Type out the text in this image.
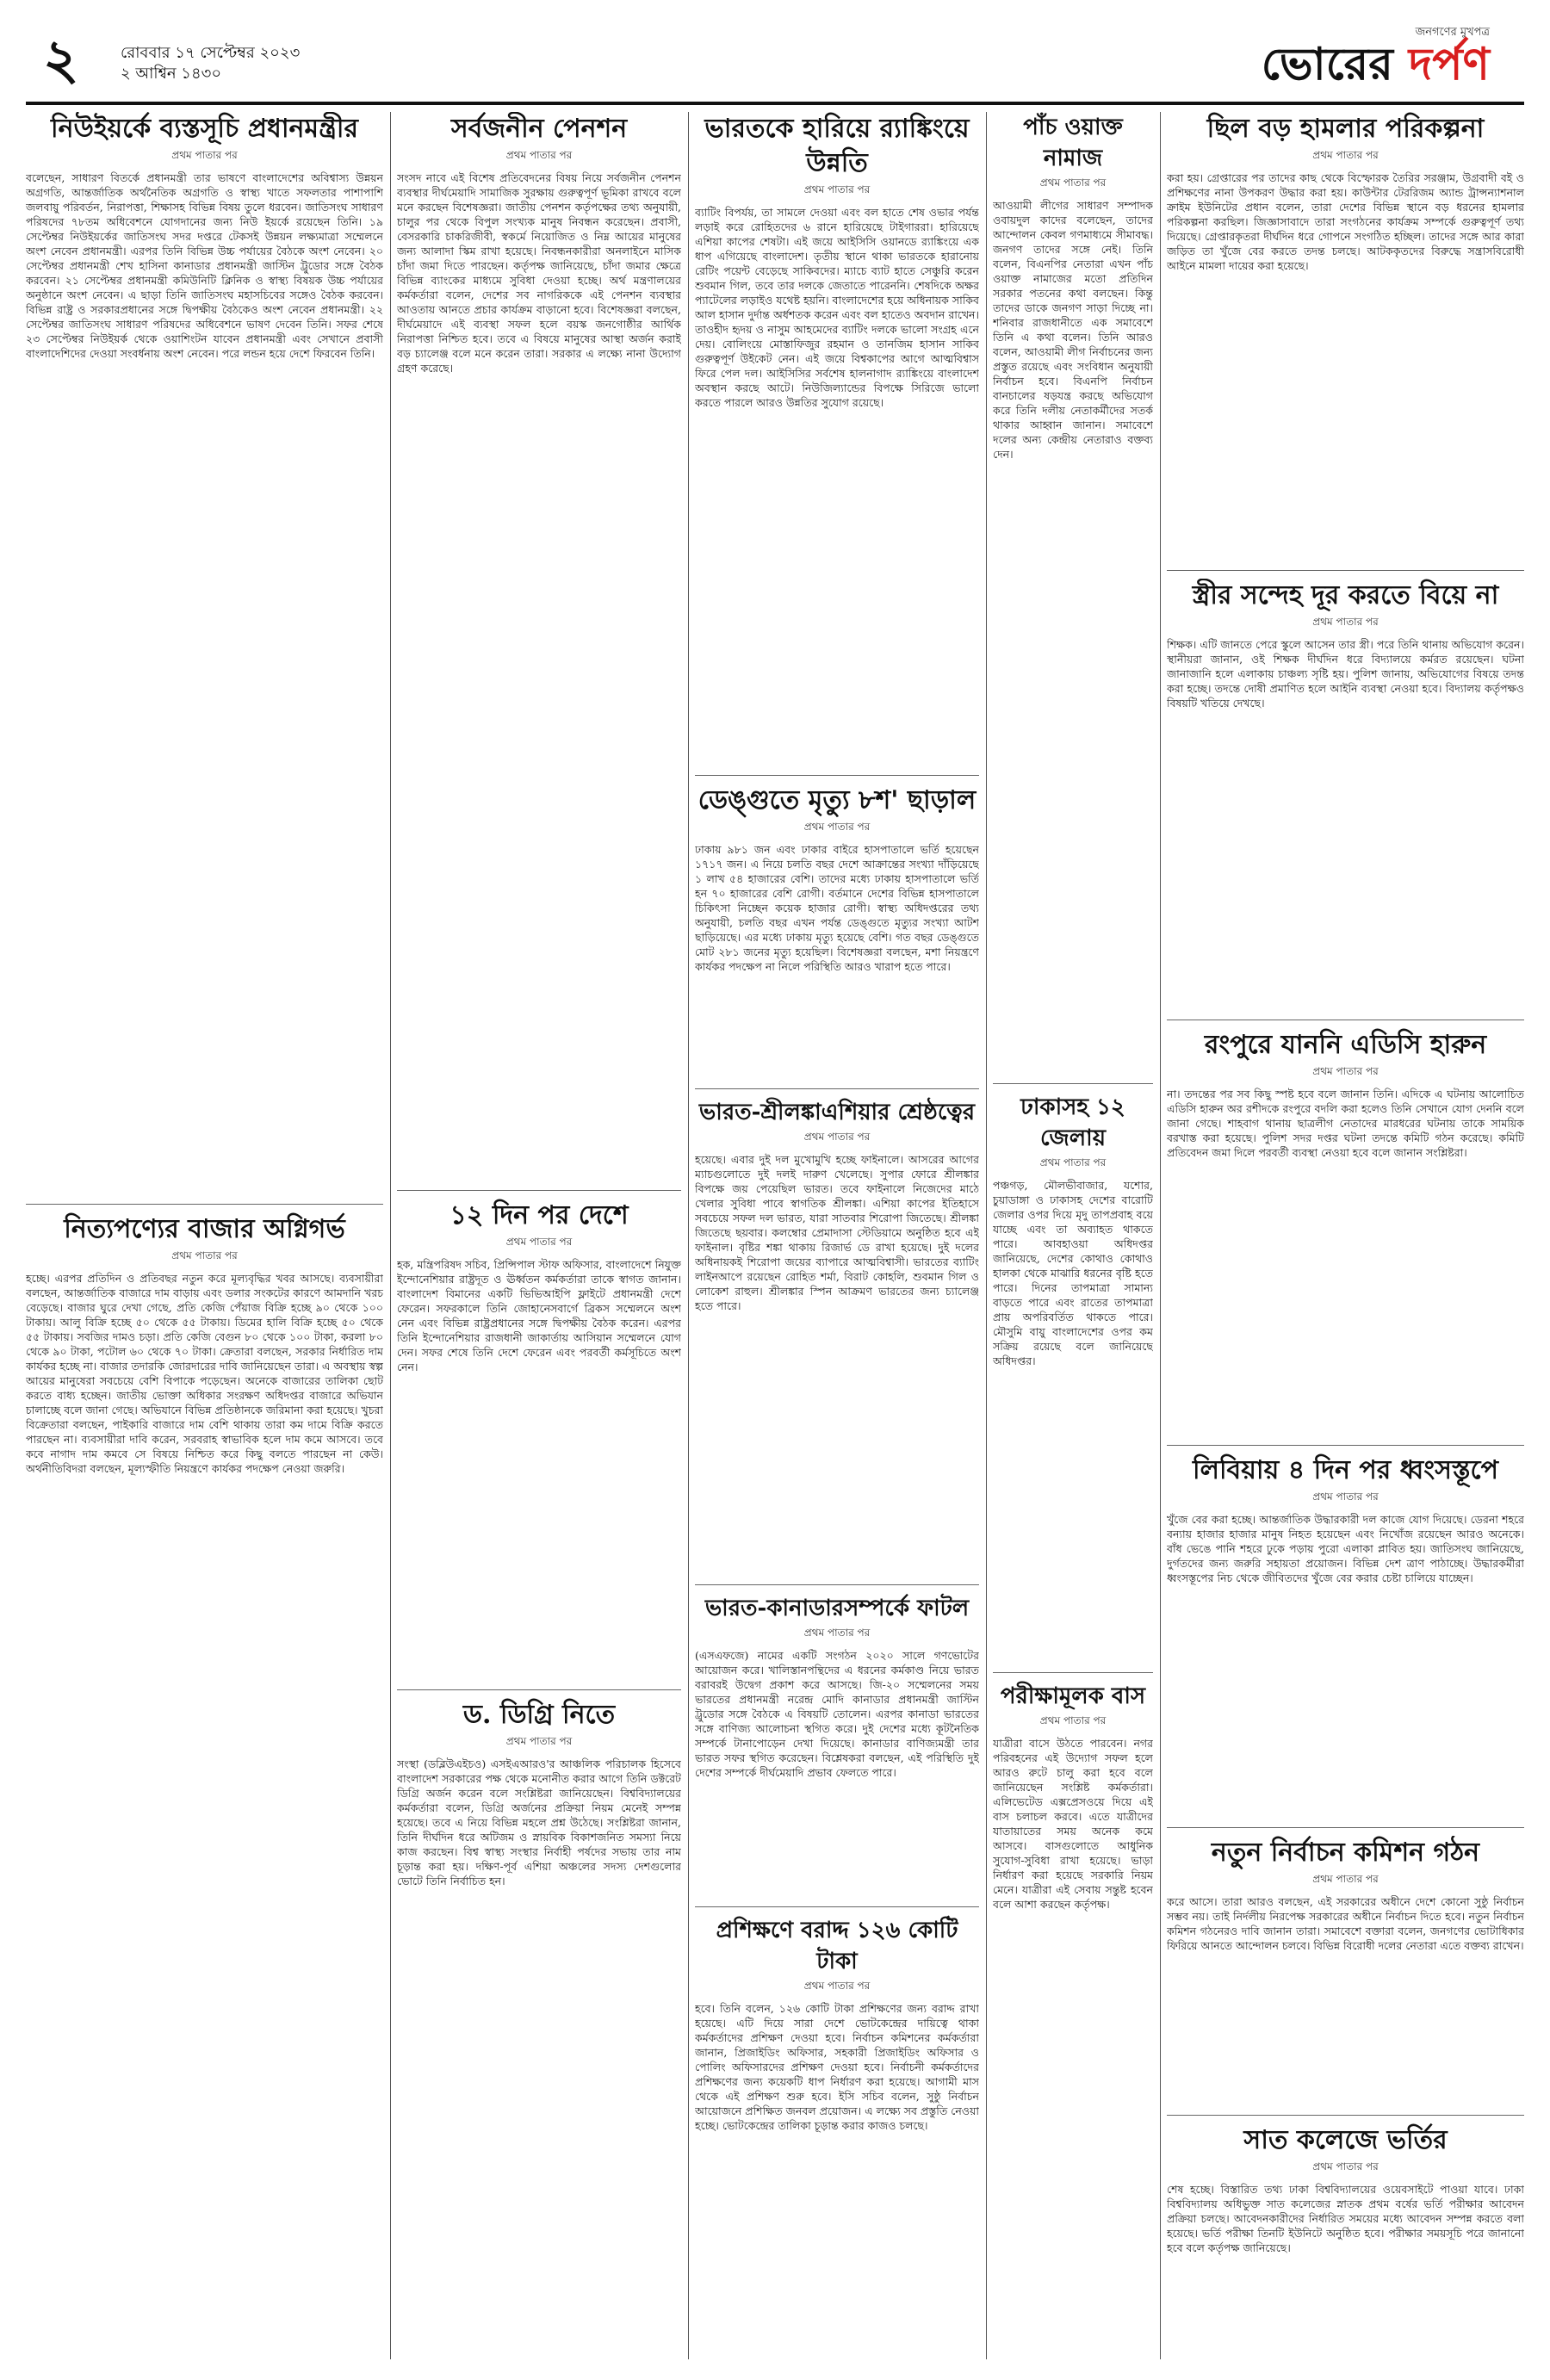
২	রোববার ১৭ সেপ্টেম্বর ২০২৩
২ আশ্বিন ১৪৩০
জনগণের মুখপত্র
ভোরের দর্পণ
নিউইয়র্কে ব্যস্তসূচি প্রধানমন্ত্রীর
প্রথম পাতার পর
বলেছেন, সাধারণ বিতর্কে প্রধানমন্ত্রী তার ভাষণে বাংলাদেশের অবিশ্বাস্য উন্নয়ন অগ্রগতি, আন্তর্জাতিক অর্থনৈতিক অগ্রগতি ও স্বাস্থ্য খাতে সফলতার পাশাপাশি জলবায়ু পরিবর্তন, নিরাপত্তা, শিক্ষাসহ বিভিন্ন বিষয় তুলে ধরবেন। জাতিসংঘ সাধারণ পরিষদের ৭৮তম অধিবেশনে যোগদানের জন্য নিউ ইয়র্কে রয়েছেন তিনি। ১৯ সেপ্টেম্বর নিউইয়র্কের জাতিসংঘ সদর দপ্তরে টেকসই উন্নয়ন লক্ষ্যমাত্রা সম্মেলনে অংশ নেবেন প্রধানমন্ত্রী। এরপর তিনি বিভিন্ন উচ্চ পর্যায়ের বৈঠকে অংশ নেবেন। ২০ সেপ্টেম্বর প্রধানমন্ত্রী শেখ হাসিনা কানাডার প্রধানমন্ত্রী জাস্টিন ট্রুডোর সঙ্গে বৈঠক করবেন। ২১ সেপ্টেম্বর প্রধানমন্ত্রী কমিউনিটি ক্লিনিক ও স্বাস্থ্য বিষয়ক উচ্চ পর্যায়ের অনুষ্ঠানে অংশ নেবেন। এ ছাড়া তিনি জাতিসংঘ মহাসচিবের সঙ্গেও বৈঠক করবেন। বিভিন্ন রাষ্ট্র ও সরকারপ্রধানের সঙ্গে দ্বিপক্ষীয় বৈঠকেও অংশ নেবেন প্রধানমন্ত্রী। ২২ সেপ্টেম্বর জাতিসংঘ সাধারণ পরিষদের অধিবেশনে ভাষণ দেবেন তিনি। সফর শেষে ২৩ সেপ্টেম্বর নিউইয়র্ক থেকে ওয়াশিংটন যাবেন প্রধানমন্ত্রী এবং সেখানে প্রবাসী বাংলাদেশিদের দেওয়া সংবর্ধনায় অংশ নেবেন। পরে লন্ডন হয়ে দেশে ফিরবেন তিনি।
নিত্যপণ্যের বাজার অগ্নিগর্ভ
প্রথম পাতার পর
হচ্ছে। এরপর প্রতিদিন ও প্রতিবছর নতুন করে মূল্যবৃদ্ধির খবর আসছে। ব্যবসায়ীরা বলছেন, আন্তর্জাতিক বাজারে দাম বাড়ায় এবং ডলার সংকটের কারণে আমদানি খরচ বেড়েছে। বাজার ঘুরে দেখা গেছে, প্রতি কেজি পেঁয়াজ বিক্রি হচ্ছে ৯০ থেকে ১০০ টাকায়। আলু বিক্রি হচ্ছে ৫০ থেকে ৫৫ টাকায়। ডিমের হালি বিক্রি হচ্ছে ৫০ থেকে ৫৫ টাকায়। সবজির দামও চড়া। প্রতি কেজি বেগুন ৮০ থেকে ১০০ টাকা, করলা ৮০ থেকে ৯০ টাকা, পটোল ৬০ থেকে ৭০ টাকা। ক্রেতারা বলছেন, সরকার নির্ধারিত দাম কার্যকর হচ্ছে না। বাজার তদারকি জোরদারের দাবি জানিয়েছেন তারা। এ অবস্থায় স্বল্প আয়ের মানুষেরা সবচেয়ে বেশি বিপাকে পড়েছেন। অনেকে বাজারের তালিকা ছোট করতে বাধ্য হচ্ছেন। জাতীয় ভোক্তা অধিকার সংরক্ষণ অধিদপ্তর বাজারে অভিযান চালাচ্ছে বলে জানা গেছে। অভিযানে বিভিন্ন প্রতিষ্ঠানকে জরিমানা করা হয়েছে। খুচরা বিক্রেতারা বলছেন, পাইকারি বাজারে দাম বেশি থাকায় তারা কম দামে বিক্রি করতে পারছেন না। ব্যবসায়ীরা দাবি করেন, সরবরাহ স্বাভাবিক হলে দাম কমে আসবে। তবে কবে নাগাদ দাম কমবে সে বিষয়ে নিশ্চিত করে কিছু বলতে পারছেন না কেউ। অর্থনীতিবিদরা বলছেন, মূল্যস্ফীতি নিয়ন্ত্রণে কার্যকর পদক্ষেপ নেওয়া জরুরি।
সর্বজনীন পেনশন
প্রথম পাতার পর
সংসদ নাবে এই বিশেষ প্রতিবেদনের বিষয় নিয়ে সর্বজনীন পেনশন ব্যবস্থার দীর্ঘমেয়াদি সামাজিক সুরক্ষায় গুরুত্বপূর্ণ ভূমিকা রাখবে বলে মনে করছেন বিশেষজ্ঞরা। জাতীয় পেনশন কর্তৃপক্ষের তথ্য অনুযায়ী, চালুর পর থেকে বিপুল সংখ্যক মানুষ নিবন্ধন করেছেন। প্রবাসী, বেসরকারি চাকরিজীবী, স্বকর্মে নিয়োজিত ও নিম্ন আয়ের মানুষের জন্য আলাদা স্কিম রাখা হয়েছে। নিবন্ধনকারীরা অনলাইনে মাসিক চাঁদা জমা দিতে পারছেন। কর্তৃপক্ষ জানিয়েছে, চাঁদা জমার ক্ষেত্রে বিভিন্ন ব্যাংকের মাধ্যমে সুবিধা দেওয়া হচ্ছে। অর্থ মন্ত্রণালয়ের কর্মকর্তারা বলেন, দেশের সব নাগরিককে এই পেনশন ব্যবস্থার আওতায় আনতে প্রচার কার্যক্রম বাড়ানো হবে। বিশেষজ্ঞরা বলছেন, দীর্ঘমেয়াদে এই ব্যবস্থা সফল হলে বয়স্ক জনগোষ্ঠীর আর্থিক নিরাপত্তা নিশ্চিত হবে। তবে এ বিষয়ে মানুষের আস্থা অর্জন করাই বড় চ্যালেঞ্জ বলে মনে করেন তারা। সরকার এ লক্ষ্যে নানা উদ্যোগ গ্রহণ করেছে।
১২ দিন পর দেশে
প্রথম পাতার পর
হক, মন্ত্রিপরিষদ সচিব, প্রিন্সিপাল স্টাফ অফিসার, বাংলাদেশে নিযুক্ত ইন্দোনেশিয়ার রাষ্ট্রদূত ও ঊর্ধ্বতন কর্মকর্তারা তাকে স্বাগত জানান। বাংলাদেশ বিমানের একটি ভিভিআইপি ফ্লাইটে প্রধানমন্ত্রী দেশে ফেরেন। সফরকালে তিনি জোহানেসবার্গে ব্রিকস সম্মেলনে অংশ নেন এবং বিভিন্ন রাষ্ট্রপ্রধানের সঙ্গে দ্বিপক্ষীয় বৈঠক করেন। এরপর তিনি ইন্দোনেশিয়ার রাজধানী জাকার্তায় আসিয়ান সম্মেলনে যোগ দেন। সফর শেষে তিনি দেশে ফেরেন এবং পরবর্তী কর্মসূচিতে অংশ নেন।
ড. ডিগ্রি নিতে
প্রথম পাতার পর
সংস্থা (ডব্লিউএইচও) এসইএআরও'র আঞ্চলিক পরিচালক হিসেবে বাংলাদেশ সরকারের পক্ষ থেকে মনোনীত করার আগে তিনি ডক্টরেট ডিগ্রি অর্জন করেন বলে সংশ্লিষ্টরা জানিয়েছেন। বিশ্ববিদ্যালয়ের কর্মকর্তারা বলেন, ডিগ্রি অর্জনের প্রক্রিয়া নিয়ম মেনেই সম্পন্ন হয়েছে। তবে এ নিয়ে বিভিন্ন মহলে প্রশ্ন উঠেছে। সংশ্লিষ্টরা জানান, তিনি দীর্ঘদিন ধরে অটিজম ও স্নায়বিক বিকাশজনিত সমস্যা নিয়ে কাজ করছেন। বিশ্ব স্বাস্থ্য সংস্থার নির্বাহী পর্ষদের সভায় তার নাম চূড়ান্ত করা হয়। দক্ষিণ-পূর্ব এশিয়া অঞ্চলের সদস্য দেশগুলোর ভোটে তিনি নির্বাচিত হন।
ভারতকে হারিয়ে র‌্যাঙ্কিংয়ে উন্নতি
প্রথম পাতার পর
ব্যাটিং বিপর্যয়, তা সামলে দেওয়া এবং বল হাতে শেষ ওভার পর্যন্ত লড়াই করে রোহিতদের ৬ রানে হারিয়েছে টাইগাররা। হারিয়েছে এশিয়া কাপের শেষটা। এই জয়ে আইসিসি ওয়ানডে র‌্যাঙ্কিংয়ে এক ধাপ এগিয়েছে বাংলাদেশ। তৃতীয় স্থানে থাকা ভারতকে হারানোয় রেটিং পয়েন্ট বেড়েছে সাকিবদের। ম্যাচে ব্যাট হাতে সেঞ্চুরি করেন শুবমান গিল, তবে তার দলকে জেতাতে পারেননি। শেষদিকে অক্ষর প্যাটেলের লড়াইও যথেষ্ট হয়নি। বাংলাদেশের হয়ে অধিনায়ক সাকিব আল হাসান দুর্দান্ত অর্ধশতক করেন এবং বল হাতেও অবদান রাখেন। তাওহীদ হৃদয় ও নাসুম আহমেদের ব্যাটিং দলকে ভালো সংগ্রহ এনে দেয়। বোলিংয়ে মোস্তাফিজুর রহমান ও তানজিম হাসান সাকিব গুরুত্বপূর্ণ উইকেট নেন। এই জয়ে বিশ্বকাপের আগে আত্মবিশ্বাস ফিরে পেল দল। আইসিসির সর্বশেষ হালনাগাদ র‌্যাঙ্কিংয়ে বাংলাদেশ অবস্থান করছে আটে। নিউজিল্যান্ডের বিপক্ষে সিরিজে ভালো করতে পারলে আরও উন্নতির সুযোগ রয়েছে।
ডেঙ্গুতে মৃত্যু ৮শ' ছাড়াল
প্রথম পাতার পর
ঢাকায় ৯৮১ জন এবং ঢাকার বাইরে হাসপাতালে ভর্তি হয়েছেন ১৭১৭ জন। এ নিয়ে চলতি বছর দেশে আক্রান্তের সংখ্যা দাঁড়িয়েছে ১ লাখ ৫৪ হাজারের বেশি। তাদের মধ্যে ঢাকায় হাসপাতালে ভর্তি হন ৭০ হাজারের বেশি রোগী। বর্তমানে দেশের বিভিন্ন হাসপাতালে চিকিৎসা নিচ্ছেন কয়েক হাজার রোগী। স্বাস্থ্য অধিদপ্তরের তথ্য অনুযায়ী, চলতি বছর এখন পর্যন্ত ডেঙ্গুতে মৃত্যুর সংখ্যা আটশ ছাড়িয়েছে। এর মধ্যে ঢাকায় মৃত্যু হয়েছে বেশি। গত বছর ডেঙ্গুতে মোট ২৮১ জনের মৃত্যু হয়েছিল। বিশেষজ্ঞরা বলছেন, মশা নিয়ন্ত্রণে কার্যকর পদক্ষেপ না নিলে পরিস্থিতি আরও খারাপ হতে পারে।
ভারত-শ্রীলঙ্কাএশিয়ার শ্রেষ্ঠত্বের
প্রথম পাতার পর
হয়েছে। এবার দুই দল মুখোমুখি হচ্ছে ফাইনালে। আসরের আগের ম্যাচগুলোতে দুই দলই দারুণ খেলেছে। সুপার ফোরে শ্রীলঙ্কার বিপক্ষে জয় পেয়েছিল ভারত। তবে ফাইনালে নিজেদের মাঠে খেলার সুবিধা পাবে স্বাগতিক শ্রীলঙ্কা। এশিয়া কাপের ইতিহাসে সবচেয়ে সফল দল ভারত, যারা সাতবার শিরোপা জিতেছে। শ্রীলঙ্কা জিতেছে ছয়বার। কলম্বোর প্রেমাদাসা স্টেডিয়ামে অনুষ্ঠিত হবে এই ফাইনাল। বৃষ্টির শঙ্কা থাকায় রিজার্ভ ডে রাখা হয়েছে। দুই দলের অধিনায়কই শিরোপা জয়ের ব্যাপারে আত্মবিশ্বাসী। ভারতের ব্যাটিং লাইনআপে রয়েছেন রোহিত শর্মা, বিরাট কোহলি, শুবমান গিল ও লোকেশ রাহুল। শ্রীলঙ্কার স্পিন আক্রমণ ভারতের জন্য চ্যালেঞ্জ হতে পারে।
ভারত-কানাডারসম্পর্কে ফাটল
প্রথম পাতার পর
(এসএফজে) নামের একটি সংগঠন ২০২০ সালে গণভোটের আয়োজন করে। খালিস্তানপন্থিদের এ ধরনের কর্মকাণ্ড নিয়ে ভারত বরাবরই উদ্বেগ প্রকাশ করে আসছে। জি-২০ সম্মেলনের সময় ভারতের প্রধানমন্ত্রী নরেন্দ্র মোদি কানাডার প্রধানমন্ত্রী জাস্টিন ট্রুডোর সঙ্গে বৈঠকে এ বিষয়টি তোলেন। এরপর কানাডা ভারতের সঙ্গে বাণিজ্য আলোচনা স্থগিত করে। দুই দেশের মধ্যে কূটনৈতিক সম্পর্কে টানাপোড়েন দেখা দিয়েছে। কানাডার বাণিজ্যমন্ত্রী তার ভারত সফর স্থগিত করেছেন। বিশ্লেষকরা বলছেন, এই পরিস্থিতি দুই দেশের সম্পর্কে দীর্ঘমেয়াদি প্রভাব ফেলতে পারে।
প্রশিক্ষণে বরাদ্দ ১২৬ কোটি টাকা
প্রথম পাতার পর
হবে। তিনি বলেন, ১২৬ কোটি টাকা প্রশিক্ষণের জন্য বরাদ্দ রাখা হয়েছে। এটি দিয়ে সারা দেশে ভোটকেন্দ্রের দায়িত্বে থাকা কর্মকর্তাদের প্রশিক্ষণ দেওয়া হবে। নির্বাচন কমিশনের কর্মকর্তারা জানান, প্রিজাইডিং অফিসার, সহকারী প্রিজাইডিং অফিসার ও পোলিং অফিসারদের প্রশিক্ষণ দেওয়া হবে। নির্বাচনী কর্মকর্তাদের প্রশিক্ষণের জন্য কয়েকটি ধাপ নির্ধারণ করা হয়েছে। আগামী মাস থেকে এই প্রশিক্ষণ শুরু হবে। ইসি সচিব বলেন, সুষ্ঠু নির্বাচন আয়োজনে প্রশিক্ষিত জনবল প্রয়োজন। এ লক্ষ্যে সব প্রস্তুতি নেওয়া হচ্ছে। ভোটকেন্দ্রের তালিকা চূড়ান্ত করার কাজও চলছে।
পাঁচ ওয়াক্ত নামাজ
প্রথম পাতার পর
আওয়ামী লীগের সাধারণ সম্পাদক ওবায়দুল কাদের বলেছেন, তাদের আন্দোলন কেবল গণমাধ্যমে সীমাবদ্ধ। জনগণ তাদের সঙ্গে নেই। তিনি বলেন, বিএনপির নেতারা এখন পাঁচ ওয়াক্ত নামাজের মতো প্রতিদিন সরকার পতনের কথা বলছেন। কিন্তু তাদের ডাকে জনগণ সাড়া দিচ্ছে না। শনিবার রাজধানীতে এক সমাবেশে তিনি এ কথা বলেন। তিনি আরও বলেন, আওয়ামী লীগ নির্বাচনের জন্য প্রস্তুত রয়েছে এবং সংবিধান অনুযায়ী নির্বাচন হবে। বিএনপি নির্বাচন বানচালের ষড়যন্ত্র করছে অভিযোগ করে তিনি দলীয় নেতাকর্মীদের সতর্ক থাকার আহ্বান জানান। সমাবেশে দলের অন্য কেন্দ্রীয় নেতারাও বক্তব্য দেন।
ঢাকাসহ ১২ জেলায়
প্রথম পাতার পর
পঞ্চগড়, মৌলভীবাজার, যশোর, চুয়াডাঙ্গা ও ঢাকাসহ দেশের বারোটি জেলার ওপর দিয়ে মৃদু তাপপ্রবাহ বয়ে যাচ্ছে এবং তা অব্যাহত থাকতে পারে। আবহাওয়া অধিদপ্তর জানিয়েছে, দেশের কোথাও কোথাও হালকা থেকে মাঝারি ধরনের বৃষ্টি হতে পারে। দিনের তাপমাত্রা সামান্য বাড়তে পারে এবং রাতের তাপমাত্রা প্রায় অপরিবর্তিত থাকতে পারে। মৌসুমি বায়ু বাংলাদেশের ওপর কম সক্রিয় রয়েছে বলে জানিয়েছে অধিদপ্তর।
পরীক্ষামূলক বাস
প্রথম পাতার পর
যাত্রীরা বাসে উঠতে পারবেন। নগর পরিবহনের এই উদ্যোগ সফল হলে আরও রুটে চালু করা হবে বলে জানিয়েছেন সংশ্লিষ্ট কর্মকর্তারা। এলিভেটেড এক্সপ্রেসওয়ে দিয়ে এই বাস চলাচল করবে। এতে যাত্রীদের যাতায়াতের সময় অনেক কমে আসবে। বাসগুলোতে আধুনিক সুযোগ-সুবিধা রাখা হয়েছে। ভাড়া নির্ধারণ করা হয়েছে সরকারি নিয়ম মেনে। যাত্রীরা এই সেবায় সন্তুষ্ট হবেন বলে আশা করছেন কর্তৃপক্ষ।
ছিল বড় হামলার পরিকল্পনা
প্রথম পাতার পর
করা হয়। গ্রেপ্তারের পর তাদের কাছ থেকে বিস্ফোরক তৈরির সরঞ্জাম, উগ্রবাদী বই ও প্রশিক্ষণের নানা উপকরণ উদ্ধার করা হয়। কাউন্টার টেররিজম অ্যান্ড ট্রান্সন্যাশনাল ক্রাইম ইউনিটের প্রধান বলেন, তারা দেশের বিভিন্ন স্থানে বড় ধরনের হামলার পরিকল্পনা করছিল। জিজ্ঞাসাবাদে তারা সংগঠনের কার্যক্রম সম্পর্কে গুরুত্বপূর্ণ তথ্য দিয়েছে। গ্রেপ্তারকৃতরা দীর্ঘদিন ধরে গোপনে সংগঠিত হচ্ছিল। তাদের সঙ্গে আর কারা জড়িত তা খুঁজে বের করতে তদন্ত চলছে। আটককৃতদের বিরুদ্ধে সন্ত্রাসবিরোধী আইনে মামলা দায়ের করা হয়েছে।
স্ত্রীর সন্দেহ দূর করতে বিয়ে না
প্রথম পাতার পর
শিক্ষক। এটি জানতে পেরে স্কুলে আসেন তার স্ত্রী। পরে তিনি থানায় অভিযোগ করেন। স্থানীয়রা জানান, ওই শিক্ষক দীর্ঘদিন ধরে বিদ্যালয়ে কর্মরত রয়েছেন। ঘটনা জানাজানি হলে এলাকায় চাঞ্চল্য সৃষ্টি হয়। পুলিশ জানায়, অভিযোগের বিষয়ে তদন্ত করা হচ্ছে। তদন্তে দোষী প্রমাণিত হলে আইনি ব্যবস্থা নেওয়া হবে। বিদ্যালয় কর্তৃপক্ষও বিষয়টি খতিয়ে দেখছে।
রংপুরে যাননি এডিসি হারুন
প্রথম পাতার পর
না। তদন্তের পর সব কিছু স্পষ্ট হবে বলে জানান তিনি। এদিকে এ ঘটনায় আলোচিত এডিসি হারুন অর রশীদকে রংপুরে বদলি করা হলেও তিনি সেখানে যোগ দেননি বলে জানা গেছে। শাহবাগ থানায় ছাত্রলীগ নেতাদের মারধরের ঘটনায় তাকে সাময়িক বরখাস্ত করা হয়েছে। পুলিশ সদর দপ্তর ঘটনা তদন্তে কমিটি গঠন করেছে। কমিটি প্রতিবেদন জমা দিলে পরবর্তী ব্যবস্থা নেওয়া হবে বলে জানান সংশ্লিষ্টরা।
লিবিয়ায় ৪ দিন পর ধ্বংসস্তূপে
প্রথম পাতার পর
খুঁজে বের করা হচ্ছে। আন্তর্জাতিক উদ্ধারকারী দল কাজে যোগ দিয়েছে। ডেরনা শহরে বন্যায় হাজার হাজার মানুষ নিহত হয়েছেন এবং নিখোঁজ রয়েছেন আরও অনেকে। বাঁধ ভেঙে পানি শহরে ঢুকে পড়ায় পুরো এলাকা প্লাবিত হয়। জাতিসংঘ জানিয়েছে, দুর্গতদের জন্য জরুরি সহায়তা প্রয়োজন। বিভিন্ন দেশ ত্রাণ পাঠাচ্ছে। উদ্ধারকর্মীরা ধ্বংসস্তূপের নিচ থেকে জীবিতদের খুঁজে বের করার চেষ্টা চালিয়ে যাচ্ছেন।
নতুন নির্বাচন কমিশন গঠন
প্রথম পাতার পর
করে আসে। তারা আরও বলছেন, এই সরকারের অধীনে দেশে কোনো সুষ্ঠু নির্বাচন সম্ভব নয়। তাই নির্দলীয় নিরপেক্ষ সরকারের অধীনে নির্বাচন দিতে হবে। নতুন নির্বাচন কমিশন গঠনেরও দাবি জানান তারা। সমাবেশে বক্তারা বলেন, জনগণের ভোটাধিকার ফিরিয়ে আনতে আন্দোলন চলবে। বিভিন্ন বিরোধী দলের নেতারা এতে বক্তব্য রাখেন।
সাত কলেজে ভর্তির
প্রথম পাতার পর
শেষ হচ্ছে। বিস্তারিত তথ্য ঢাকা বিশ্ববিদ্যালয়ের ওয়েবসাইটে পাওয়া যাবে। ঢাকা বিশ্ববিদ্যালয় অধিভুক্ত সাত কলেজের স্নাতক প্রথম বর্ষের ভর্তি পরীক্ষার আবেদন প্রক্রিয়া চলছে। আবেদনকারীদের নির্ধারিত সময়ের মধ্যে আবেদন সম্পন্ন করতে বলা হয়েছে। ভর্তি পরীক্ষা তিনটি ইউনিটে অনুষ্ঠিত হবে। পরীক্ষার সময়সূচি পরে জানানো হবে বলে কর্তৃপক্ষ জানিয়েছে।
